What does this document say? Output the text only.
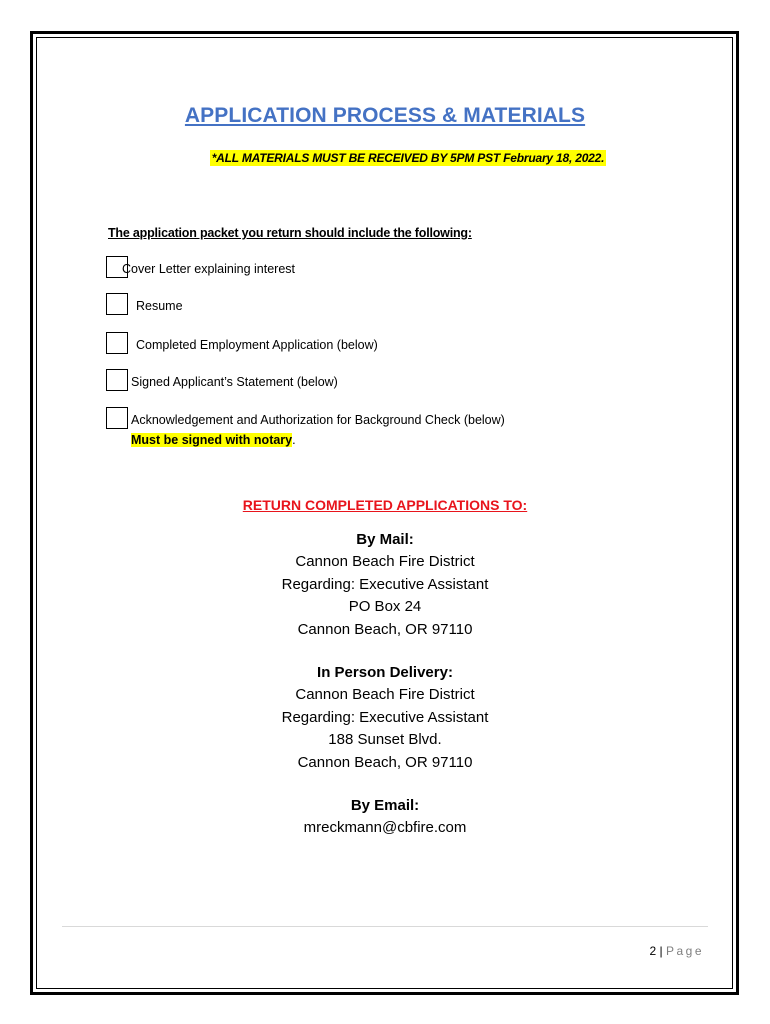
APPLICATION PROCESS & MATERIALS
*ALL MATERIALS MUST BE RECEIVED BY 5PM PST February 18, 2022.
The application packet you return should include the following:
Cover Letter explaining interest
Resume
Completed Employment Application (below)
Signed Applicant’s Statement (below)
Acknowledgement and Authorization for Background Check (below)
Must be signed with notary.
RETURN COMPLETED APPLICATIONS TO:
By Mail:
Cannon Beach Fire District
Regarding: Executive Assistant
PO Box 24
Cannon Beach, OR 97110
In Person Delivery:
Cannon Beach Fire District
Regarding: Executive Assistant
188 Sunset Blvd.
Cannon Beach, OR 97110
By Email:
mreckmann@cbfire.com
2 | Page
